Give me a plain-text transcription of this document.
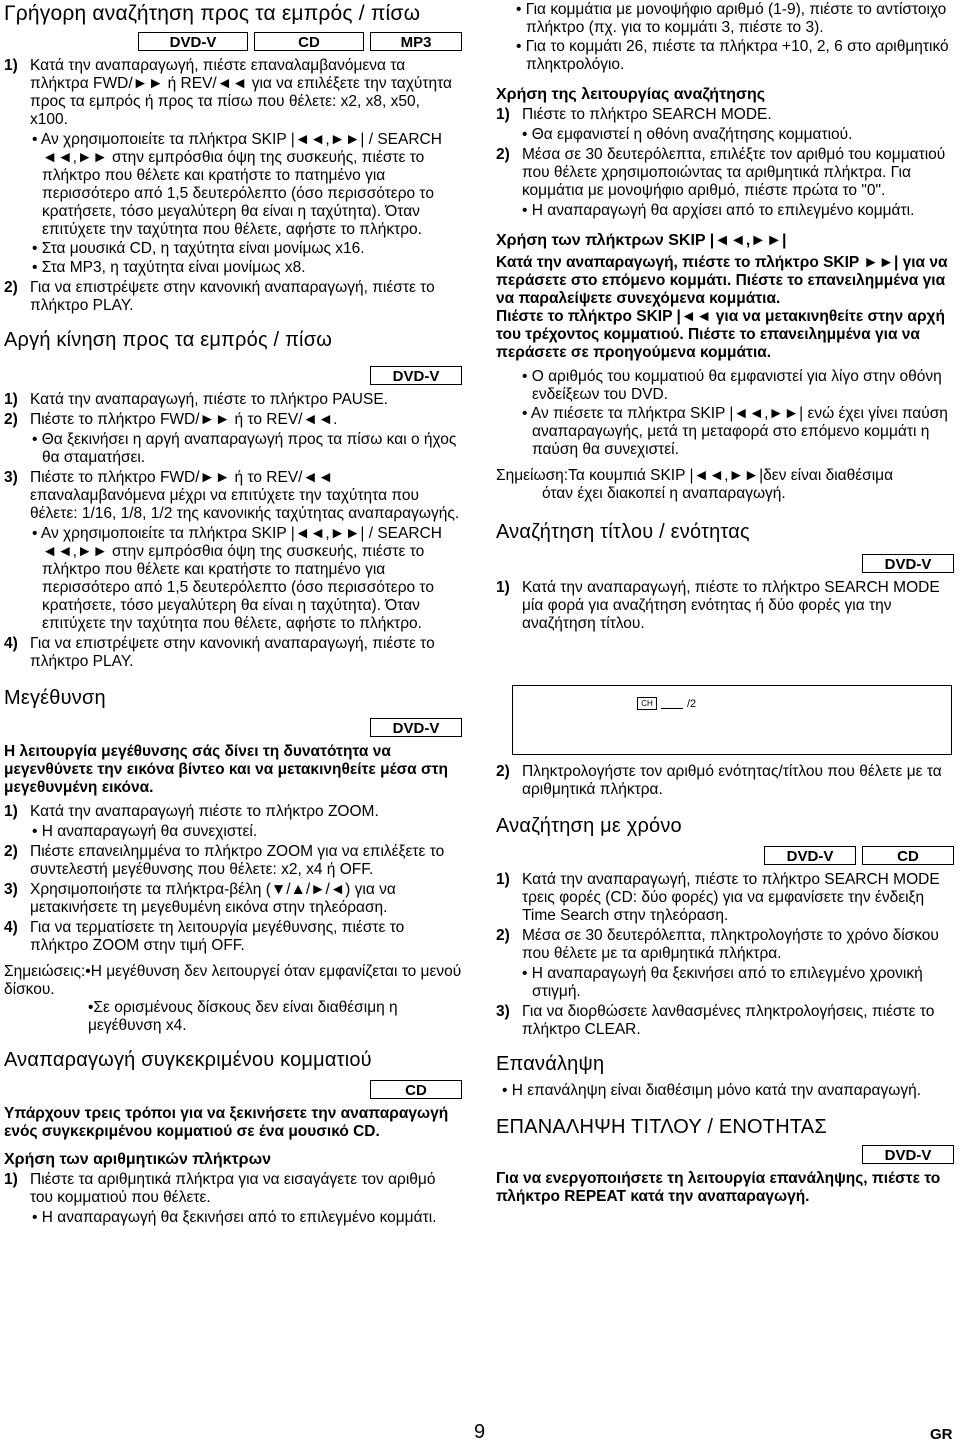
Γρήγορη αναζήτηση προς τα εμπρός / πίσω
DVD-V	CD	MP3
1) Κατά την αναπαραγωγή, πιέστε επαναλαμβανόμενα τα πλήκτρα FWD/►► ή REV/◄◄ για να επιλέξετε την ταχύτητα προς τα εμπρός ή προς τα πίσω που θέλετε: x2, x8, x50, x100.
• Αν χρησιμοποιείτε τα πλήκτρα SKIP |◄◄,►►| / SEARCH ◄◄,►► στην εμπρόσθια όψη της συσκευής, πιέστε το πλήκτρο που θέλετε και κρατήστε το πατημένο για περισσότερο από 1,5 δευτερόλεπτο (όσο περισσότερο το κρατήσετε, τόσο μεγαλύτερη θα είναι η ταχύτητα). Όταν επιτύχετε την ταχύτητα που θέλετε, αφήστε το πλήκτρο.
• Στα μουσικά CD, η ταχύτητα είναι μονίμως x16.
• Στα MP3, η ταχύτητα είναι μονίμως x8.
2) Για να επιστρέψετε στην κανονική αναπαραγωγή, πιέστε το πλήκτρο PLAY.
Αργή κίνηση προς τα εμπρός / πίσω
DVD-V
1) Κατά την αναπαραγωγή, πιέστε το πλήκτρο PAUSE.
2) Πιέστε το πλήκτρο FWD/►► ή το REV/◄◄.
• Θα ξεκινήσει η αργή αναπαραγωγή προς τα πίσω και ο ήχος θα σταματήσει.
3) Πιέστε το πλήκτρο FWD/►► ή το REV/◄◄ επαναλαμβανόμενα μέχρι να επιτύχετε την ταχύτητα που θέλετε: 1/16, 1/8, 1/2 της κανονικής ταχύτητας αναπαραγωγής.
• Αν χρησιμοποιείτε τα πλήκτρα SKIP |◄◄,►►| / SEARCH ◄◄,►► στην εμπρόσθια όψη της συσκευής, πιέστε το πλήκτρο που θέλετε και κρατήστε το πατημένο για περισσότερο από 1,5 δευτερόλεπτο (όσο περισσότερο το κρατήσετε, τόσο μεγαλύτερη θα είναι η ταχύτητα). Όταν επιτύχετε την ταχύτητα που θέλετε, αφήστε το πλήκτρο.
4) Για να επιστρέψετε στην κανονική αναπαραγωγή, πιέστε το πλήκτρο PLAY.
Μεγέθυνση
DVD-V

Η λειτουργία μεγέθυνσης σάς δίνει τη δυνατότητα να μεγενθύνετε την εικόνα βίντεο και να μετακινηθείτε μέσα στη μεγεθυνμένη εικόνα.

1) Κατά την αναπαραγωγή πιέστε το πλήκτρο ZOOM.
• Η αναπαραγωγή θα συνεχιστεί.
2) Πιέστε επανειλημμένα το πλήκτρο ZOOM για να επιλέξετε το συντελεστή μεγέθυνσης που θέλετε: x2, x4 ή OFF.
3) Χρησιμοποιήστε τα πλήκτρα-βέλη (▼/▲/►/◄) για να μετακινήσετε τη μεγεθυμένη εικόνα στην τηλεόραση.
4) Για να τερματίσετε τη λειτουργία μεγέθυνσης, πιέστε το πλήκτρο ZOOM στην τιμή OFF.
Σημειώσεις:•Η μεγέθυνση δεν λειτουργεί όταν εμφανίζεται το μενού δίσκου.
•Σε ορισμένους δίσκους δεν είναι διαθέσιμη η μεγέθυνση x4.
Αναπαραγωγή συγκεκριμένου κομματιού
CD

Υπάρχουν τρεις τρόποι για να ξεκινήσετε την αναπαραγωγή ενός συγκεκριμένου κομματιού σε ένα μουσικό CD.

Χρήση των αριθμητικών πλήκτρων
1) Πιέστε τα αριθμητικά πλήκτρα για να εισαγάγετε τον αριθμό του κομματιού που θέλετε.
• Η αναπαραγωγή θα ξεκινήσει από το επιλεγμένο κομμάτι.
• Για κομμάτια με μονοψήφιο αριθμό (1-9), πιέστε το αντίστοιχο πλήκτρο (πχ. για το κομμάτι 3, πιέστε το 3).
• Για το κομμάτι 26, πιέστε τα πλήκτρα +10, 2, 6 στο αριθμητικό πληκτρολόγιο.
Χρήση της λειτουργίας αναζήτησης
1) Πιέστε το πλήκτρο SEARCH MODE.
• Θα εμφανιστεί η οθόνη αναζήτησης κομματιού.
2) Μέσα σε 30 δευτερόλεπτα, επιλέξτε τον αριθμό του κομματιού που θέλετε χρησιμοποιώντας τα αριθμητικά πλήκτρα. Για κομμάτια με μονοψήφιο αριθμό, πιέστε πρώτα το "0".
• Η αναπαραγωγή θα αρχίσει από το επιλεγμένο κομμάτι.
Χρήση των πλήκτρων SKIP |◄◄,►►|

Κατά την αναπαραγωγή, πιέστε το πλήκτρο SKIP ►►| για να περάσετε στο επόμενο κομμάτι. Πιέστε το επανειλημμένα για να παραλείψετε συνεχόμενα κομμάτια.

Πιέστε το πλήκτρο SKIP |◄◄ για να μετακινηθείτε στην αρχή του τρέχοντος κομματιού. Πιέστε το επανειλημμένα για να περάσετε σε προηγούμενα κομμάτια.

• Ο αριθμός του κομματιού θα εμφανιστεί για λίγο στην οθόνη ενδείξεων του DVD.
• Αν πιέσετε τα πλήκτρα SKIP |◄◄,►►| ενώ έχει γίνει παύση αναπαραγωγής, μετά τη μεταφορά στο επόμενο κομμάτι η παύση θα συνεχιστεί.
Σημείωση:Τα κουμπιά SKIP |◄◄,►►|δεν είναι διαθέσιμα
όταν έχει διακοπεί η αναπαραγωγή.
Αναζήτηση τίτλου / ενότητας
DVD-V
1) Κατά την αναπαραγωγή, πιέστε το πλήκτρο SEARCH MODE μία φορά για αναζήτηση ενότητας ή δύο φορές για την αναζήτηση τίτλου.
CH	/2
2) Πληκτρολογήστε τον αριθμό ενότητας/τίτλου που θέλετε με τα αριθμητικά πλήκτρα.
Αναζήτηση με χρόνο
DVD-V	CD
1) Κατά την αναπαραγωγή, πιέστε το πλήκτρο SEARCH MODE τρεις φορές (CD: δύο φορές) για να εμφανίσετε την ένδειξη Time Search στην τηλεόραση.
2) Μέσα σε 30 δευτερόλεπτα, πληκτρολογήστε το χρόνο δίσκου που θέλετε με τα αριθμητικά πλήκτρα.
• Η αναπαραγωγή θα ξεκινήσει από το επιλεγμένο χρονική στιγμή.
3) Για να διορθώσετε λανθασμένες πληκτρολογήσεις, πιέστε το πλήκτρο CLEAR.
Επανάληψη
• Η επανάληψη είναι διαθέσιμη μόνο κατά την αναπαραγωγή.
ΕΠΑΝΑΛΗΨΗ ΤΙΤΛΟΥ / ΕΝΟΤΗΤΑΣ
DVD-V

Για να ενεργοποιήσετε τη λειτουργία επανάληψης, πιέστε το πλήκτρο REPEAT κατά την αναπαραγωγή.

9	GR
